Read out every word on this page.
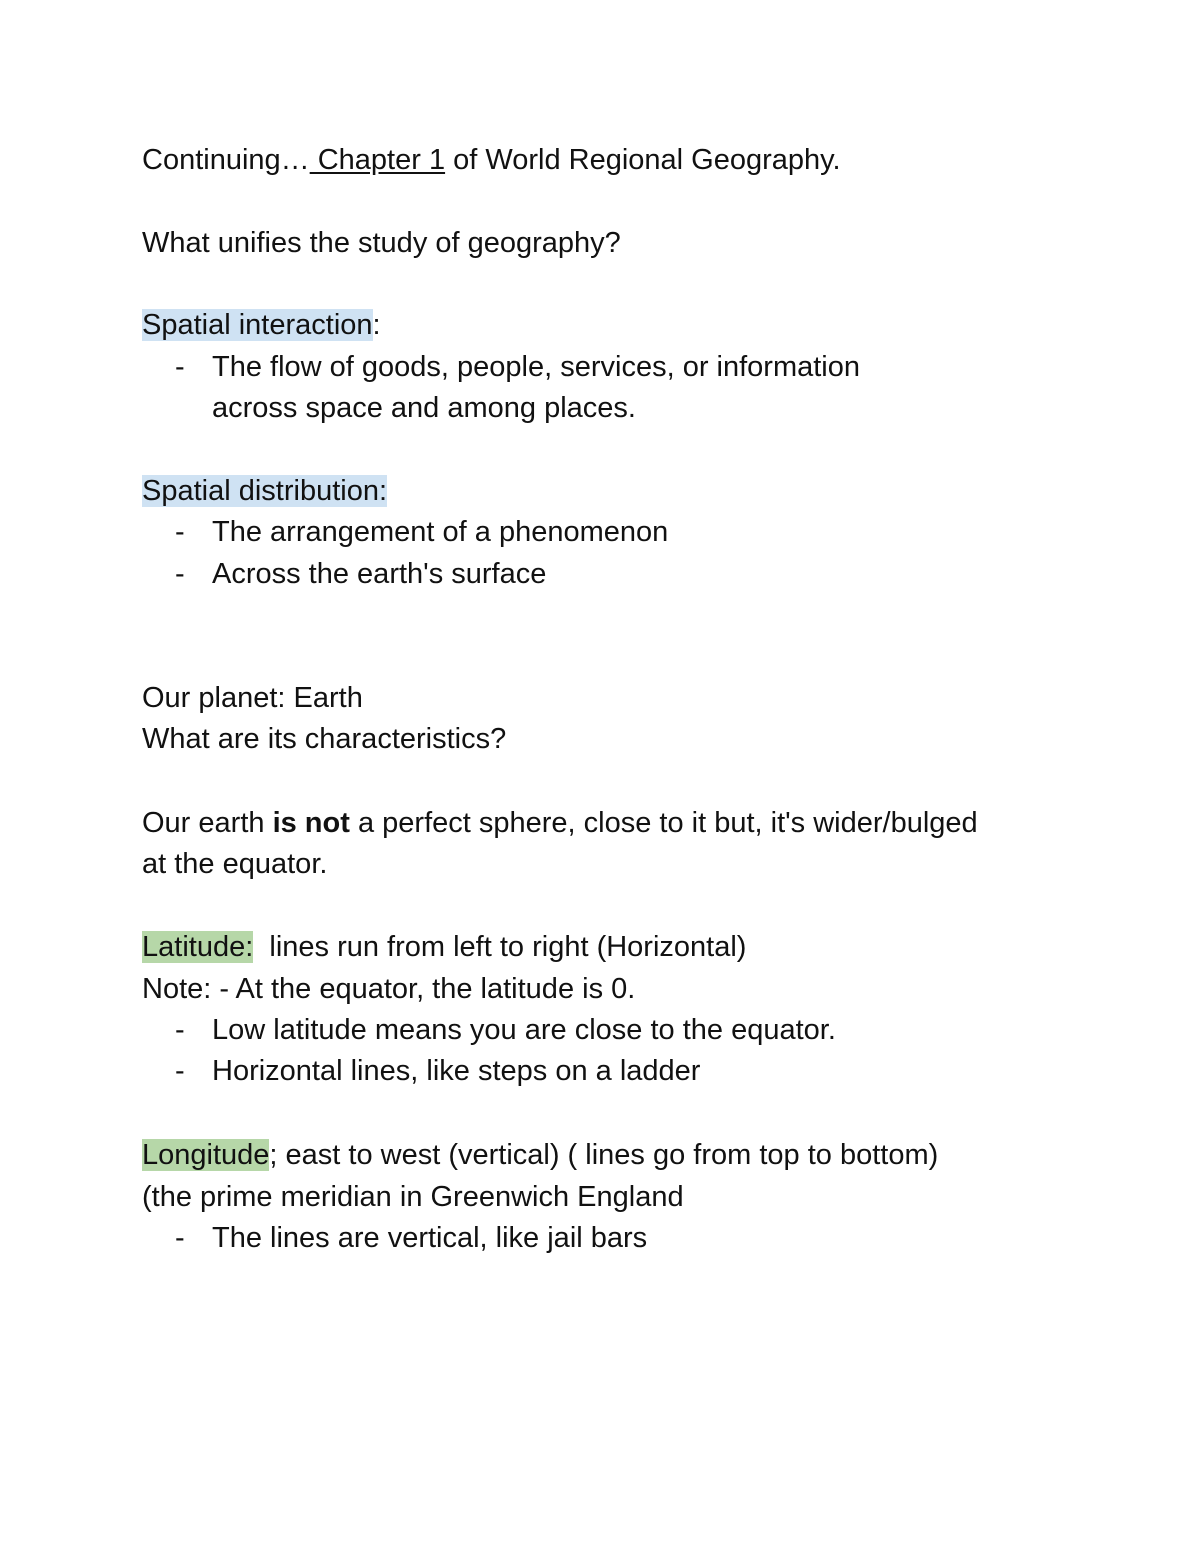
Continuing… Chapter 1 of World Regional Geography.
What unifies the study of geography?
Spatial interaction:
- The flow of goods, people, services, or information
across space and among places.
Spatial distribution:
- The arrangement of a phenomenon
- Across the earth's surface
Our planet: Earth
What are its characteristics?
Our earth is not a perfect sphere, close to it but, it's wider/bulged
at the equator.
Latitude:  lines run from left to right (Horizontal)
Note: - At the equator, the latitude is 0.
- Low latitude means you are close to the equator.
- Horizontal lines, like steps on a ladder
Longitude; east to west (vertical) ( lines go from top to bottom)
(the prime meridian in Greenwich England
- The lines are vertical, like jail bars
